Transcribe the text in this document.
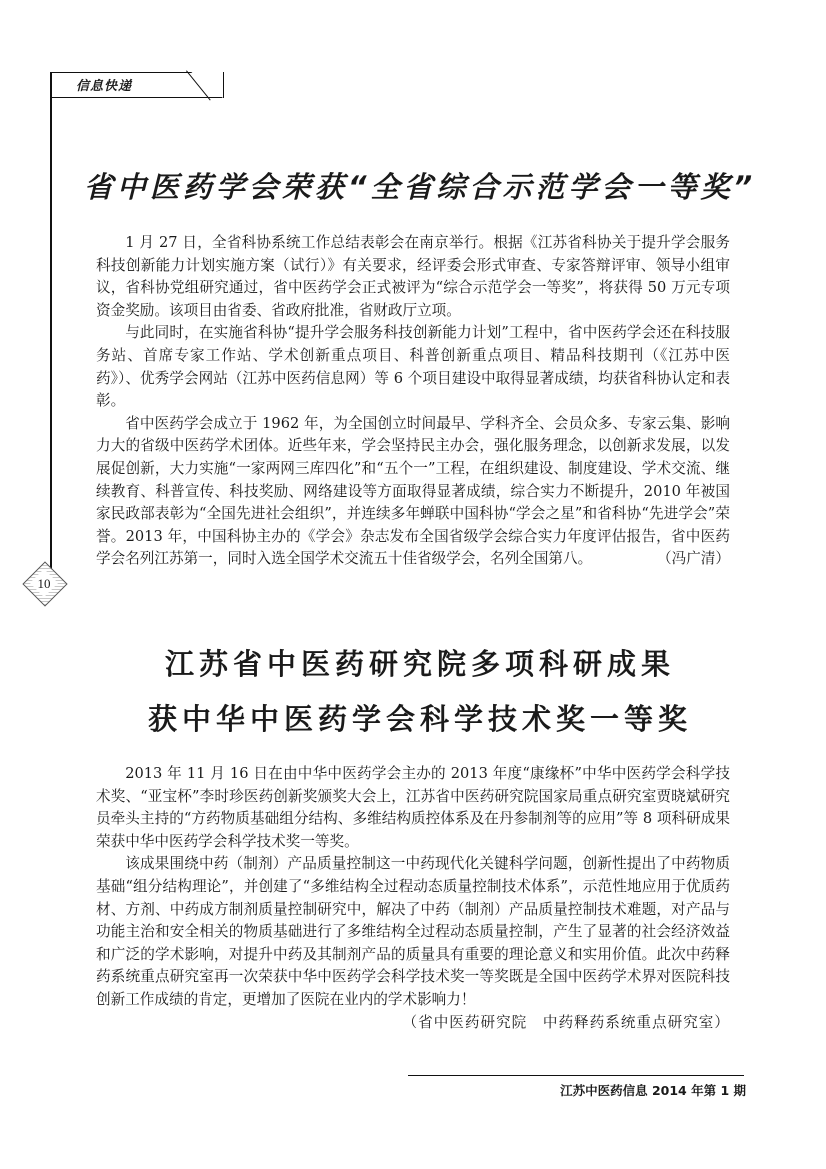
信息快递
10
省中医药学会荣获“全省综合示范学会一等奖”

1 月 27 日，全省科协系统工作总结表彰会在南京举行。根据《江苏省科协关于提升学会服务科技创新能力计划实施方案（试行）》有关要求，经评委会形式审查、专家答辩评审、领导小组审议，省科协党组研究通过，省中医药学会正式被评为“综合示范学会一等奖”，将获得 50 万元专项资金奖励。该项目由省委、省政府批准，省财政厅立项。

与此同时，在实施省科协“提升学会服务科技创新能力计划”工程中，省中医药学会还在科技服务站、首席专家工作站、学术创新重点项目、科普创新重点项目、精品科技期刊（《江苏中医药》）、优秀学会网站（江苏中医药信息网）等 6 个项目建设中取得显著成绩，均获省科协认定和表彰。

省中医药学会成立于 1962 年，为全国创立时间最早、学科齐全、会员众多、专家云集、影响力大的省级中医药学术团体。近些年来，学会坚持民主办会，强化服务理念，以创新求发展，以发展促创新，大力实施“一家两网三库四化”和“五个一”工程，在组织建设、制度建设、学术交流、继续教育、科普宣传、科技奖励、网络建设等方面取得显著成绩，综合实力不断提升，2010 年被国家民政部表彰为“全国先进社会组织”，并连续多年蝉联中国科协“学会之星”和省科协“先进学会”荣誉。2013 年，中国科协主办的《学会》杂志发布全国省级学会综合实力年度评估报告，省中医药学会名列江苏第一，同时入选全国学术交流五十佳省级学会，名列全国第八。	（冯广清）

江苏省中医药研究院多项科研成果
获中华中医药学会科学技术奖一等奖

2013 年 11 月 16 日在由中华中医药学会主办的 2013 年度“康缘杯”中华中医药学会科学技术奖、“亚宝杯”李时珍医药创新奖颁奖大会上，江苏省中医药研究院国家局重点研究室贾晓斌研究员牵头主持的“方药物质基础组分结构、多维结构质控体系及在丹参制剂等的应用”等 8 项科研成果荣获中华中医药学会科学技术奖一等奖。

该成果围绕中药（制剂）产品质量控制这一中药现代化关键科学问题，创新性提出了中药物质基础“组分结构理论”，并创建了“多维结构全过程动态质量控制技术体系”，示范性地应用于优质药材、方剂、中药成方制剂质量控制研究中，解决了中药（制剂）产品质量控制技术难题，对产品与功能主治和安全相关的物质基础进行了多维结构全过程动态质量控制，产生了显著的社会经济效益和广泛的学术影响，对提升中药及其制剂产品的质量具有重要的理论意义和实用价值。此次中药释药系统重点研究室再一次荣获中华中医药学会科学技术奖一等奖既是全国中医药学术界对医院科技创新工作成绩的肯定，更增加了医院在业内的学术影响力！
（省中医药研究院　中药释药系统重点研究室）

江苏中医药信息 2014 年第 1 期
